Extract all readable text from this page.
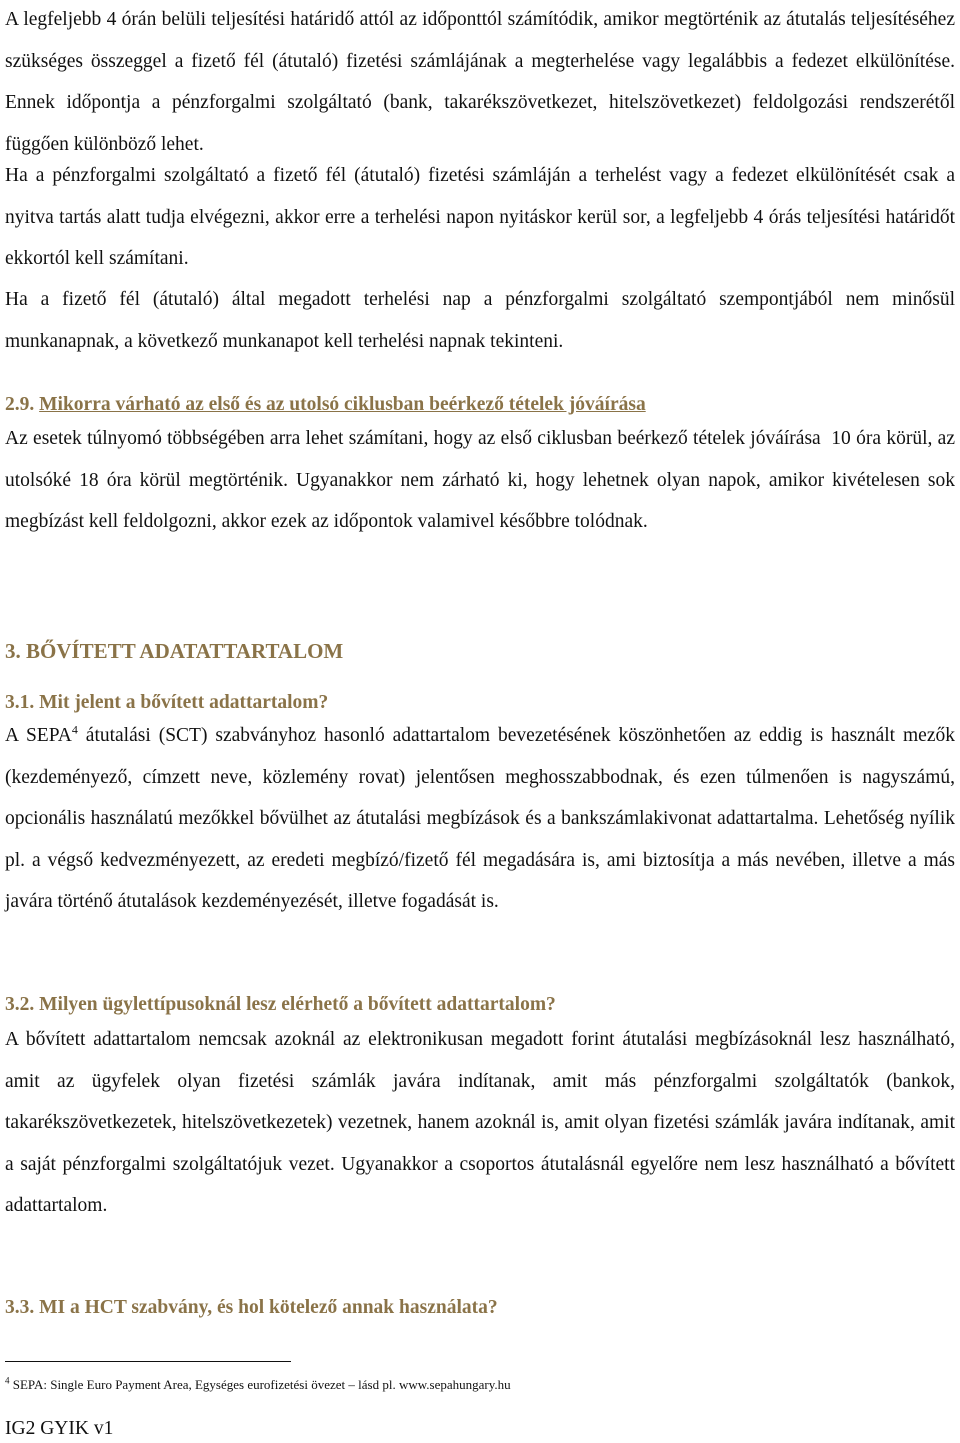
A legfeljebb 4 órán belüli teljesítési határidő attól az időponttól számítódik, amikor megtörténik az átutalás teljesítéséhez szükséges összeggel a fizető fél (átutaló) fizetési számlájának a megterhelése vagy legalábbis a fedezet elkülönítése. Ennek időpontja a pénzforgalmi szolgáltató (bank, takarékszövetkezet, hitelszövetkezet) feldolgozási rendszerétől függően különböző lehet.

Ha a pénzforgalmi szolgáltató a fizető fél (átutaló) fizetési számláján a terhelést vagy a fedezet elkülönítését csak a nyitva tartás alatt tudja elvégezni, akkor erre a terhelési napon nyitáskor kerül sor, a legfeljebb 4 órás teljesítési határidőt ekkortól kell számítani.

Ha a fizető fél (átutaló) által megadott terhelési nap a pénzforgalmi szolgáltató szempontjából nem minősül munkanapnak, a következő munkanapot kell terhelési napnak tekinteni.

2.9. Mikorra várható az első és az utolsó ciklusban beérkező tételek jóváírása

Az esetek túlnyomó többségében arra lehet számítani, hogy az első ciklusban beérkező tételek jóváírása  10 óra körül, az utolsóké 18 óra körül megtörténik. Ugyanakkor nem zárható ki, hogy lehetnek olyan napok, amikor kivételesen sok megbízást kell feldolgozni, akkor ezek az időpontok valamivel későbbre tolódnak.

3. BŐVÍTETT ADATATTARTALOM
3.1. Mit jelent a bővített adattartalom?

A SEPA$^4$ átutalási (SCT) szabványhoz hasonló adattartalom bevezetésének köszönhetően az eddig is használt mezők (kezdeményező, címzett neve, közlemény rovat) jelentősen meghosszabbodnak, és ezen túlmenően is nagyszámú, opcionális használatú mezőkkel bővülhet az átutalási megbízások és a bankszámlakivonat adattartalma. Lehetőség nyílik pl. a végső kedvezményezett, az eredeti megbízó/fizető fél megadására is, ami biztosítja a más nevében, illetve a más javára történő átutalások kezdeményezését, illetve fogadását is.

3.2. Milyen ügylettípusoknál lesz elérhető a bővített adattartalom?

A bővített adattartalom nemcsak azoknál az elektronikusan megadott forint átutalási megbízásoknál lesz használható, amit az ügyfelek olyan fizetési számlák javára indítanak, amit más pénzforgalmi szolgáltatók (bankok, takarékszövetkezetek, hitelszövetkezetek) vezetnek, hanem azoknál is, amit olyan fizetési számlák javára indítanak, amit a saját pénzforgalmi szolgáltatójuk vezet. Ugyanakkor a csoportos átutalásnál egyelőre nem lesz használható a bővített adattartalom.

3.3. MI a HCT szabvány, és hol kötelező annak használata?

$^4$ SEPA: Single Euro Payment Area, Egységes eurofizetési övezet – lásd pl. www.sepahungary.hu

IG2 GYIK v1
